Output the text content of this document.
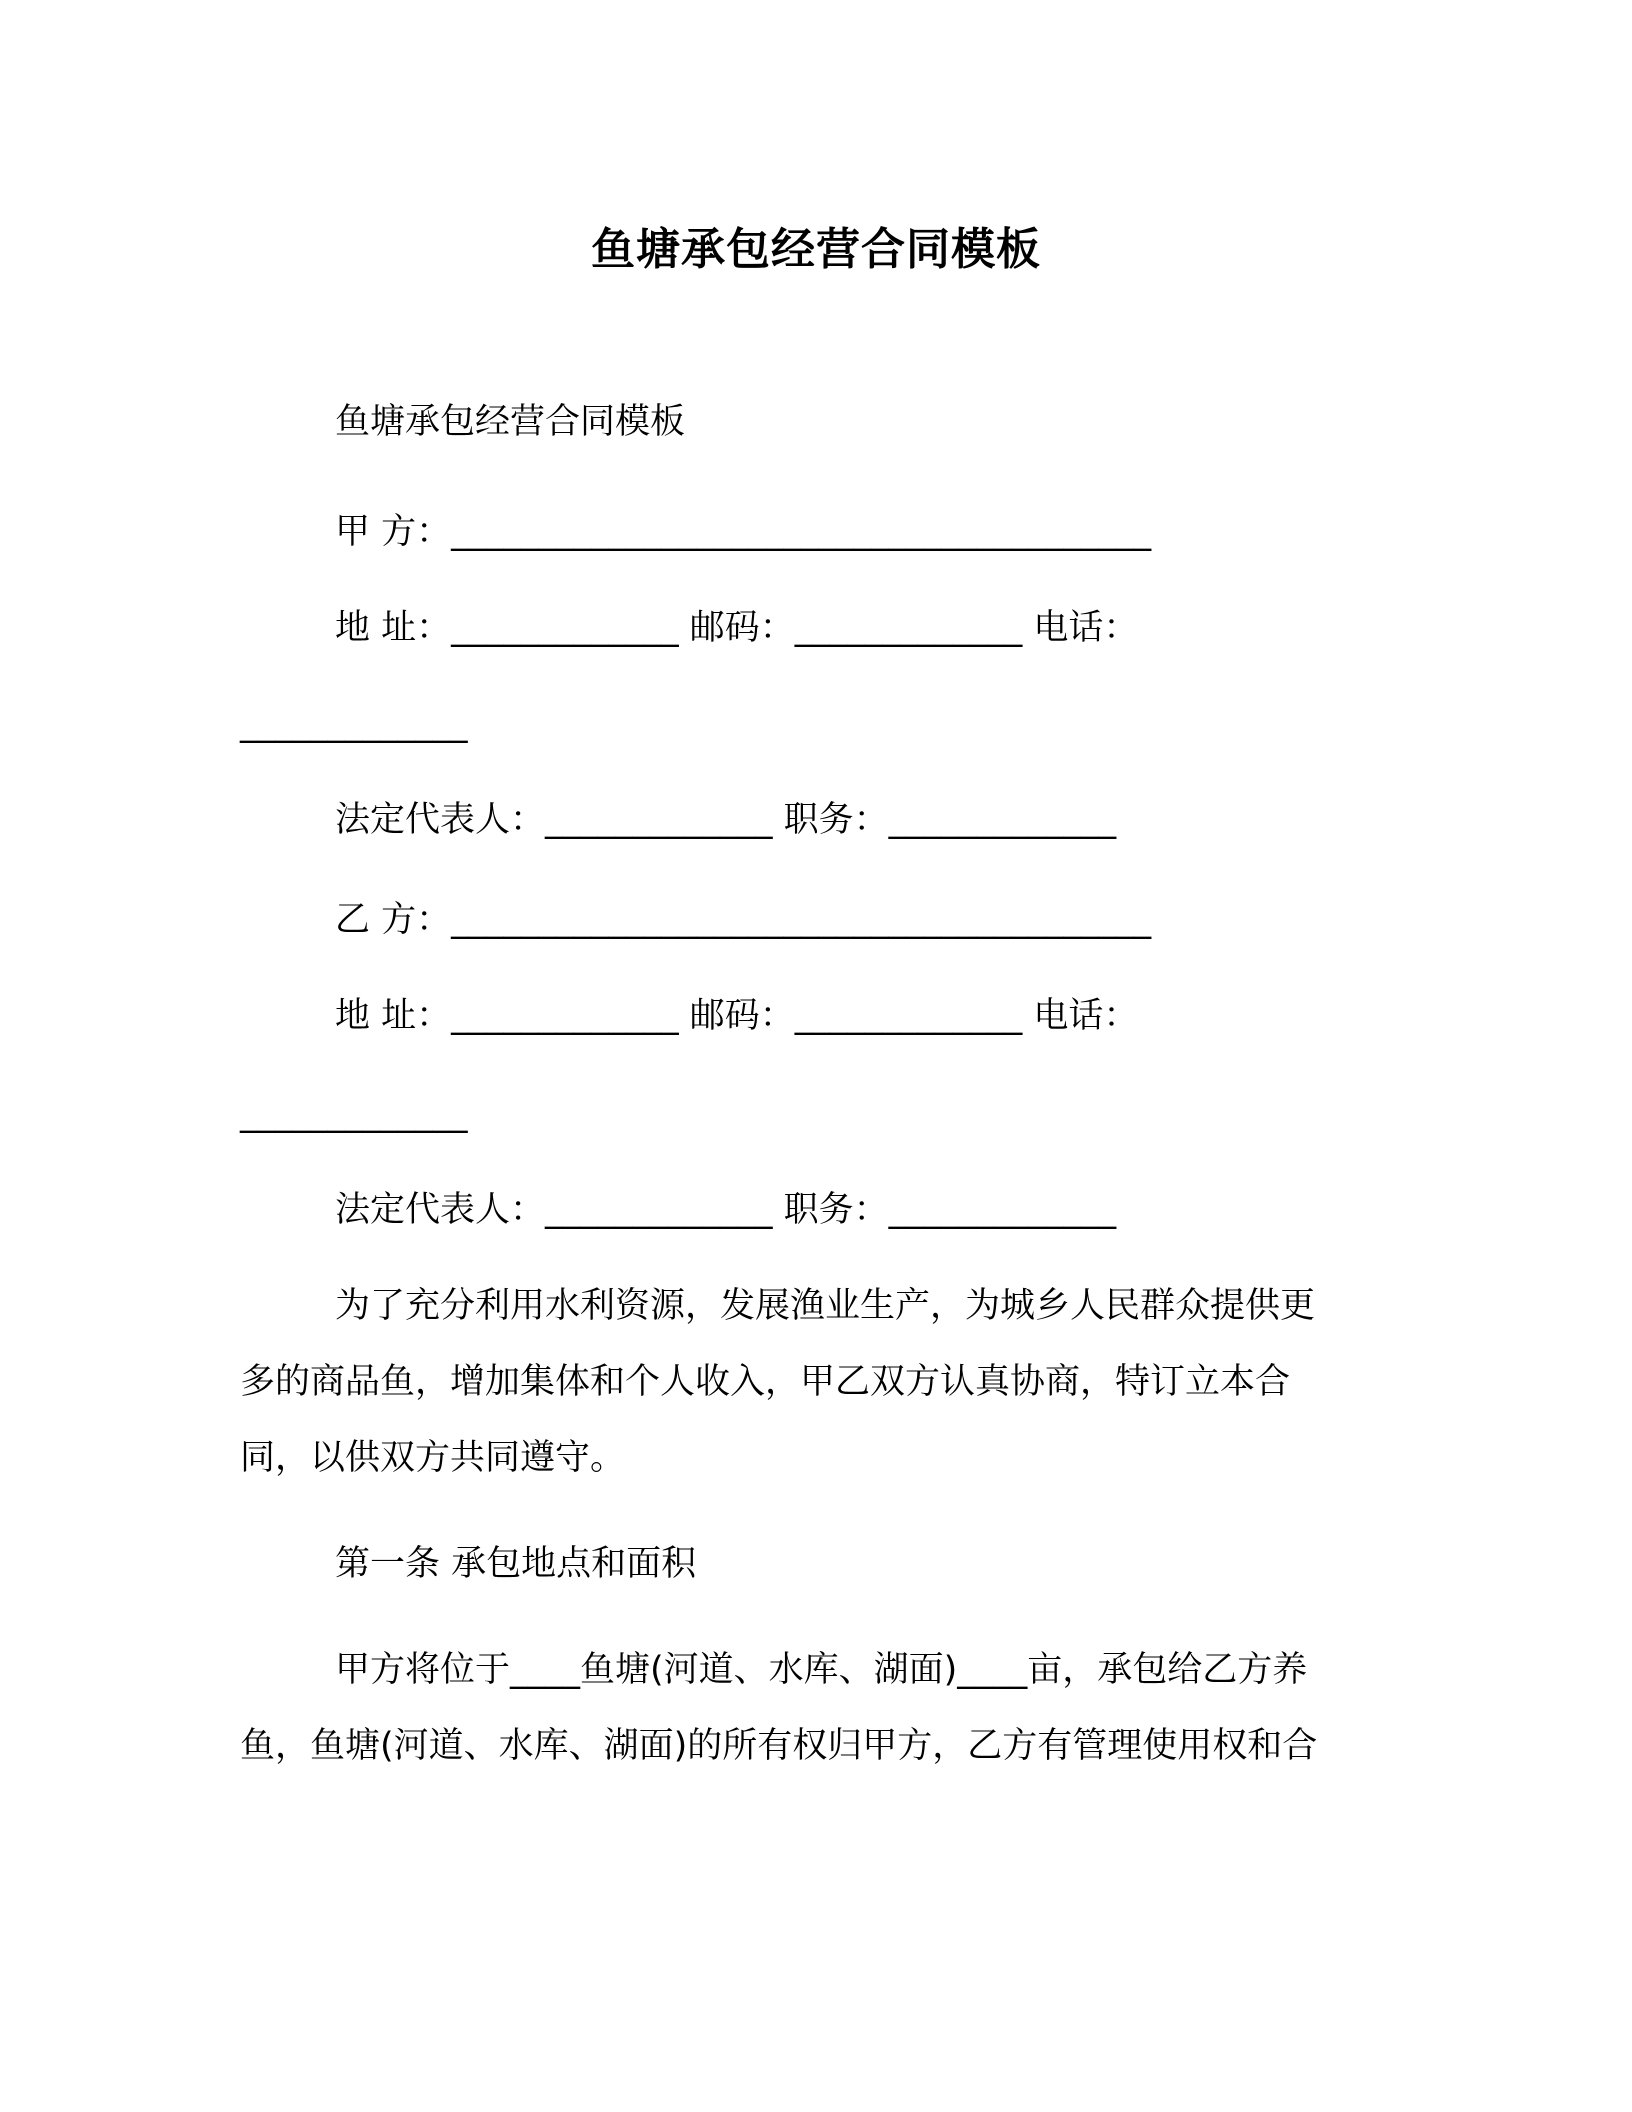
鱼塘承包经营合同模板
鱼塘承包经营合同模板
甲 方：________________________________________
地 址：_____________ 邮码：_____________ 电话：
_____________
法定代表人：_____________ 职务：_____________
乙 方：________________________________________
地 址：_____________ 邮码：_____________ 电话：
_____________
法定代表人：_____________ 职务：_____________
为了充分利用水利资源，发展渔业生产，为城乡人民群众提供更
多的商品鱼，增加集体和个人收入，甲乙双方认真协商，特订立本合
同，以供双方共同遵守。
第一条 承包地点和面积
甲方将位于____鱼塘(河道、水库、湖面)____亩，承包给乙方养
鱼，鱼塘(河道、水库、湖面)的所有权归甲方，乙方有管理使用权和合
